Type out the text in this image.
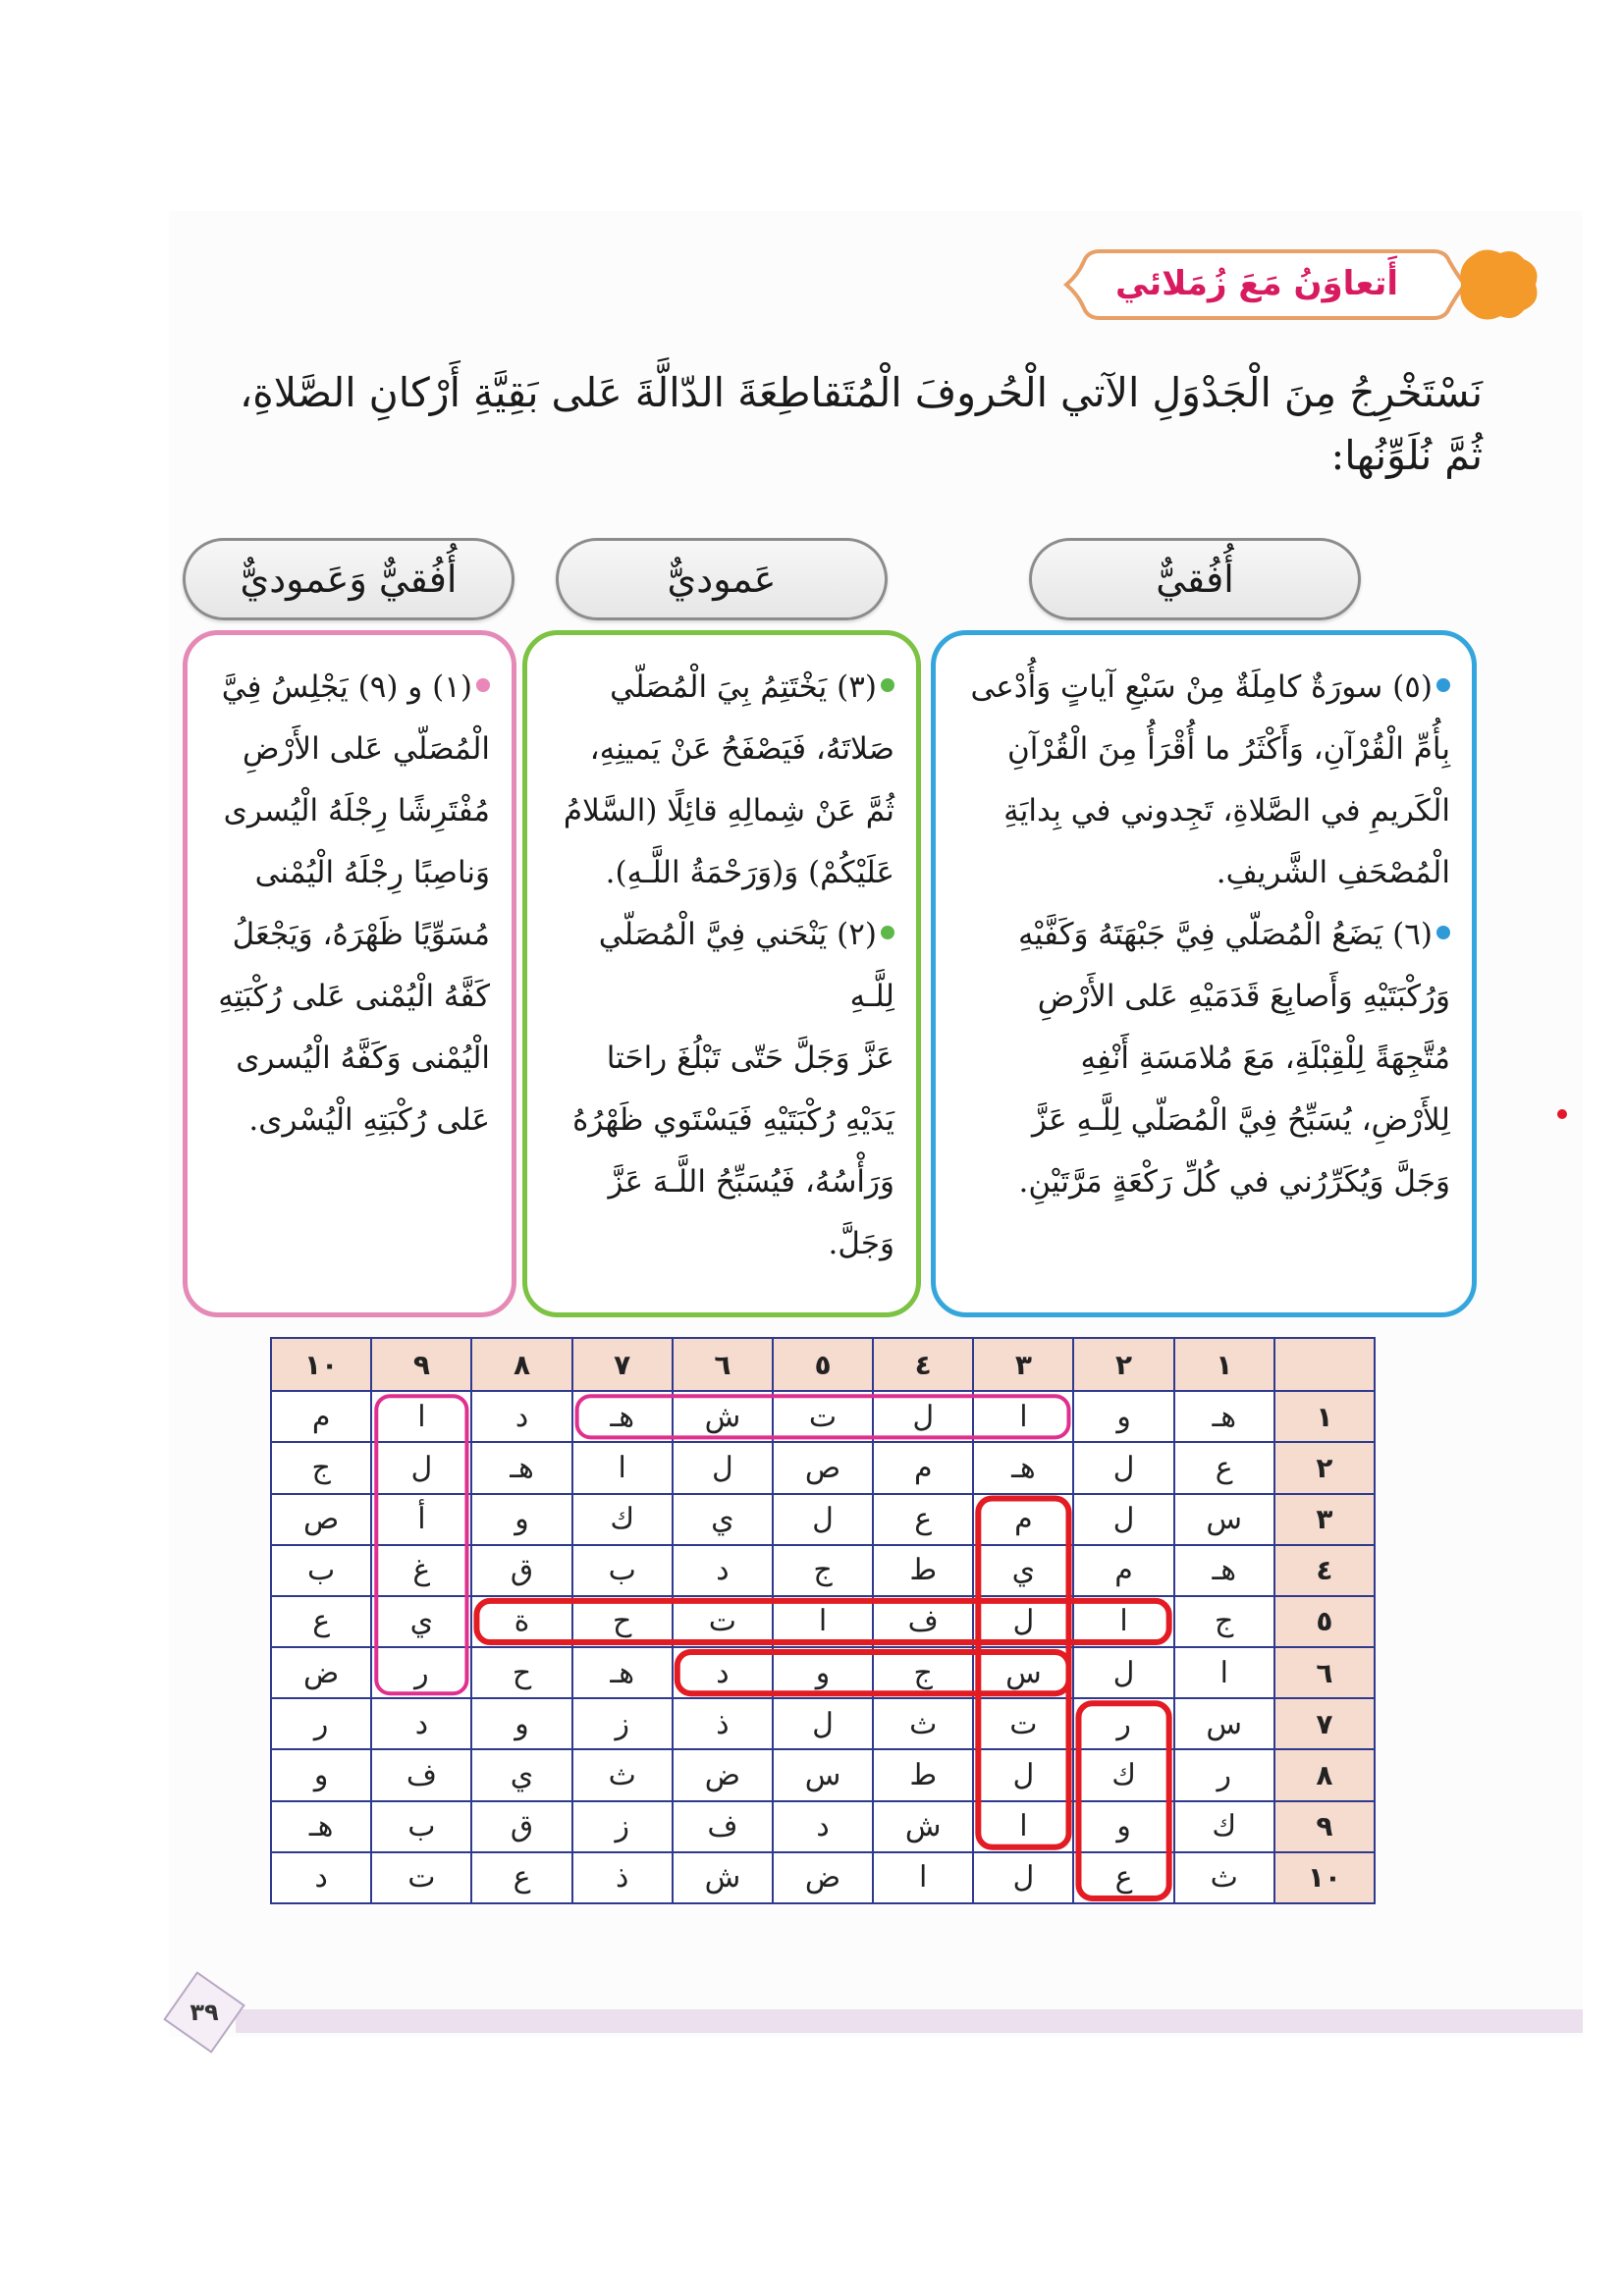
أَتعاوَنُ مَعَ زُمَلائي
نَسْتَخْرِجُ مِنَ الْجَدْوَلِ الآتي الْحُروفَ الْمُتَقاطِعَةَ الدّالَّةَ عَلى بَقِيَّةِ أَرْكانِ الصَّلاةِ،
ثُمَّ نُلَوِّنُها:
أُفُقيٌّ
عَموديٌّ
أُفُقيٌّ وَعَموديٌّ
(٥) سورَةٌ كامِلَةٌ مِنْ سَبْعِ آياتٍ وَأُدْعى
بِأُمِّ الْقُرْآنِ، وَأَكْثَرُ ما أُقْرَأُ مِنَ الْقُرْآنِ
الْكَريمِ في الصَّلاةِ، تَجِدوني في بِدايَةِ
الْمُصْحَفِ الشَّريفِ.
(٦) يَضَعُ الْمُصَلّي فِيَّ جَبْهَتَهُ وَكَفَّيْهِ
وَرُكْبَتَيْهِ وَأَصابِعَ قَدَمَيْهِ عَلى الأَرْضِ
مُتَّجِهَةً لِلْقِبْلَةِ، مَعَ مُلامَسَةِ أَنْفِهِ
لِلأَرْضِ، يُسَبِّحُ فِيَّ الْمُصَلّي لِلَّـهِ عَزَّ
وَجَلَّ وَيُكَرِّرُني في كُلِّ رَكْعَةٍ مَرَّتَيْنِ.
(٣) يَخْتَتِمُ بِيَ الْمُصَلّي
صَلاتَهُ، فَيَصْفَحُ عَنْ يَمينِهِ،
ثُمَّ عَنْ شِمالِهِ قائِلًا (السَّلامُ
عَلَيْكُمْ) وَ(وَرَحْمَةُ اللَّـهِ).
(٢) يَنْحَني فِيَّ الْمُصَلّي لِلَّـهِ
عَزَّ وَجَلَّ حَتّى تَبْلُغَ راحَتا
يَدَيْهِ رُكْبَتَيْهِ فَيَسْتَوي ظَهْرُهُ
وَرَأْسُهُ، فَيُسَبِّحُ اللَّـهَ عَزَّ
وَجَلَّ.
(١) و (٩) يَجْلِسُ فِيَّ
الْمُصَلّي عَلى الأَرْضِ
مُفْتَرِشًا رِجْلَهُ الْيُسرى
وَناصِبًا رِجْلَهُ الْيُمْنى
مُسَوِّيًا ظَهْرَهُ، وَيَجْعَلُ
كَفَّهُ الْيُمْنى عَلى رُكْبَتِهِ
الْيُمْنى وَكَفَّهُ الْيُسرى
عَلى رُكْبَتِهِ الْيُسْرى.
	١	٢	٣	٤	٥	٦	٧	٨	٩	١٠
١	هـ	و	ا	ل	ت	ش	هـ	د	ا	م
٢	ع	ل	هـ	م	ص	ل	ا	هـ	ل	ج
٣	س	ل	م	ع	ل	ي	ك	و	أ	ص
٤	هـ	م	ي	ط	ج	د	ب	ق	غ	ب
٥	ج	ا	ل	ف	ا	ت	ح	ة	ي	ع
٦	ا	ل	س	ج	و	د	هـ	ح	ر	ض
٧	س	ر	ت	ث	ل	ذ	ز	و	د	ر
٨	ر	ك	ل	ط	س	ض	ث	ي	ف	و
٩	ك	و	ا	ش	د	ف	ز	ق	ب	هـ
١٠	ث	ع	ل	ا	ض	ش	ذ	ع	ت	د
٣٩
